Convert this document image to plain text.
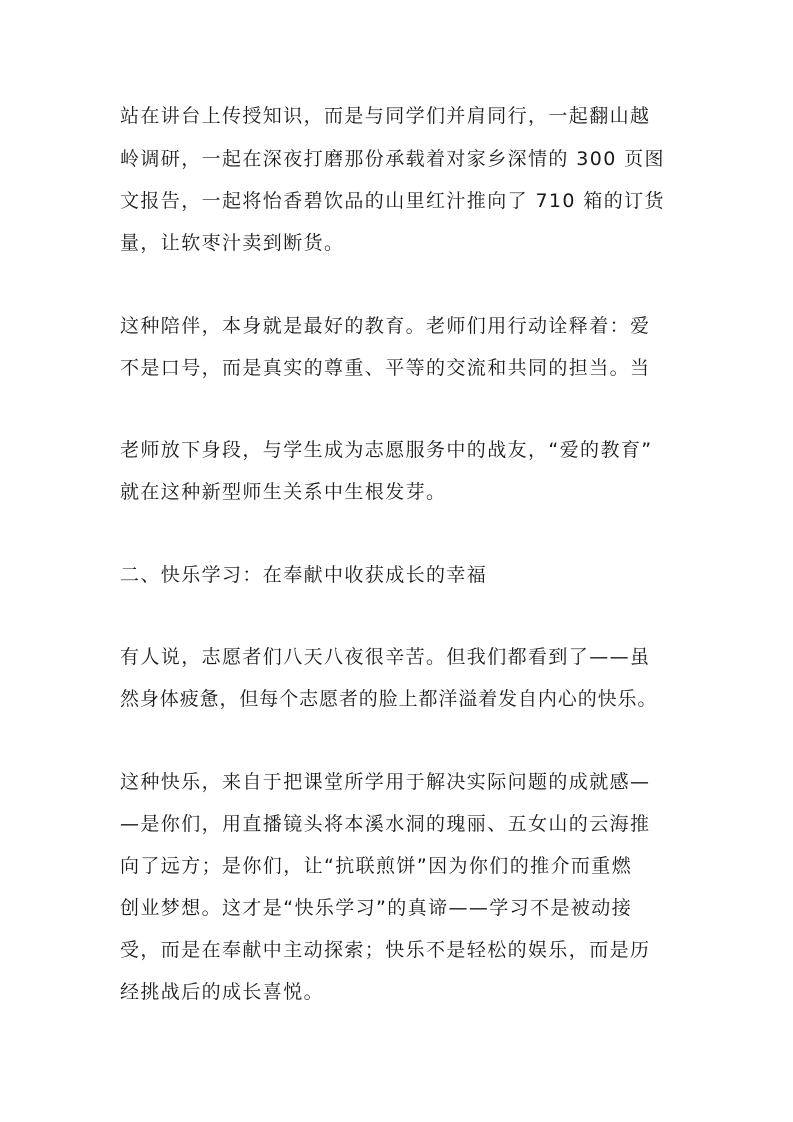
站在讲台上传授知识，而是与同学们并肩同行，一起翻山越
岭调研，一起在深夜打磨那份承载着对家乡深情的 300 页图
文报告，一起将怡香碧饮品的山里红汁推向了 710 箱的订货
量，让软枣汁卖到断货。
这种陪伴，本身就是最好的教育。老师们用行动诠释着：爱
不是口号，而是真实的尊重、平等的交流和共同的担当。当
老师放下身段，与学生成为志愿服务中的战友，“爱的教育”
就在这种新型师生关系中生根发芽。
二、快乐学习：在奉献中收获成长的幸福
有人说，志愿者们八天八夜很辛苦。但我们都看到了——虽
然身体疲惫，但每个志愿者的脸上都洋溢着发自内心的快乐。
这种快乐，来自于把课堂所学用于解决实际问题的成就感—
—是你们，用直播镜头将本溪水洞的瑰丽、五女山的云海推
向了远方；是你们，让“抗联煎饼”因为你们的推介而重燃
创业梦想。这才是“快乐学习”的真谛——学习不是被动接
受，而是在奉献中主动探索；快乐不是轻松的娱乐，而是历
经挑战后的成长喜悦。
